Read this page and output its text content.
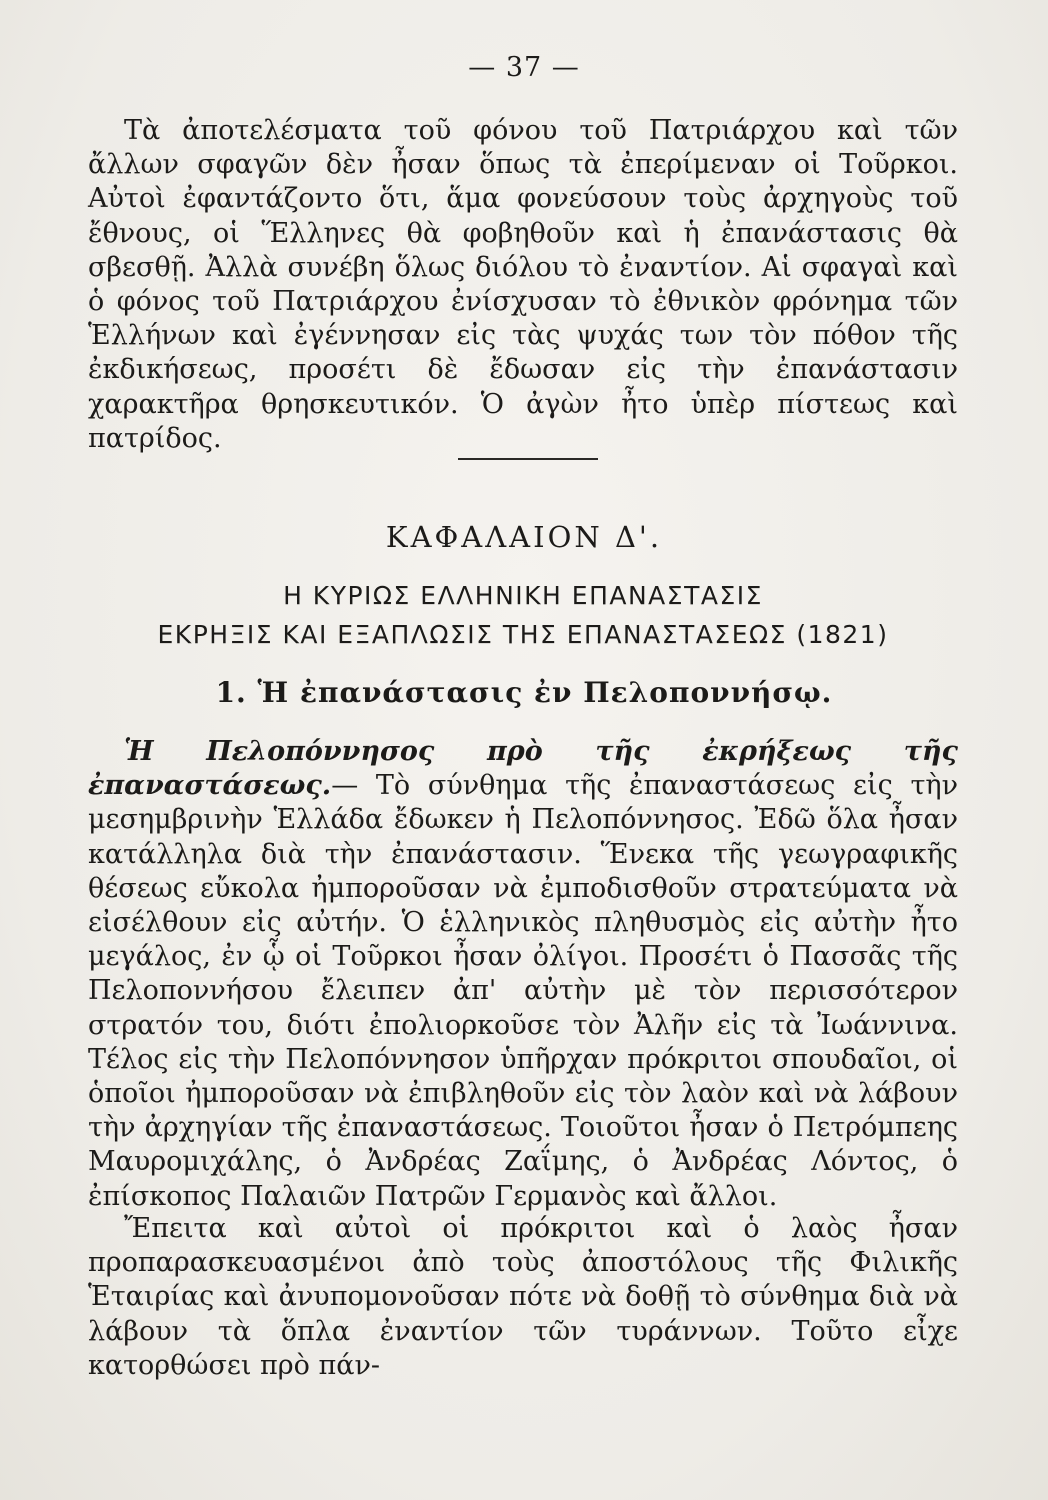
— 37 —

Τὰ ἀποτελέσματα τοῦ φόνου τοῦ Πατριάρχου καὶ τῶν ἄλλων σφαγῶν δὲν ἦσαν ὅπως τὰ ἐπερίμεναν οἱ Τοῦρκοι. Αὐτοὶ ἐφαντάζοντο ὅτι, ἅμα φονεύσουν τοὺς ἀρχηγοὺς τοῦ ἔθνους, οἱ Ἕλληνες θὰ φοβηθοῦν καὶ ἡ ἐπανάστασις θὰ σβεσθῇ. Ἀλλὰ συνέβη ὅλως διόλου τὸ ἐναντίον. Αἱ σφαγαὶ καὶ ὁ φόνος τοῦ Πατριάρχου ἐνίσχυσαν τὸ ἐθνικὸν φρόνημα τῶν Ἑλλήνων καὶ ἐγέννησαν εἰς τὰς ψυχάς των τὸν πόθον τῆς ἐκδικήσεως, προσέτι δὲ ἔδωσαν εἰς τὴν ἐπανάστασιν χαρακτῆρα θρησκευτικόν. Ὁ ἀγὼν ἦτο ὑπὲρ πίστεως καὶ πατρίδος.

ΚΑΦΑΛΑΙΟΝ Δ'.
Η ΚΥΡΙΩΣ ΕΛΛΗΝΙΚΗ ΕΠΑΝΑΣΤΑΣΙΣ
ΕΚΡΗΞΙΣ ΚΑΙ ΕΞΑΠΛΩΣΙΣ ΤΗΣ ΕΠΑΝΑΣΤΑΣΕΩΣ (1821)
1. Ἡ ἐπανάστασις ἐν Πελοποννήσῳ.

Ἡ Πελοπόννησος πρὸ τῆς ἐκρήξεως τῆς ἐπαναστάσεως.— Τὸ σύνθημα τῆς ἐπαναστάσεως εἰς τὴν μεσημβρινὴν Ἑλλάδα ἔδωκεν ἡ Πελοπόννησος. Ἐδῶ ὅλα ἦσαν κατάλληλα διὰ τὴν ἐπανάστασιν. Ἕνεκα τῆς γεωγραφικῆς θέσεως εὔκολα ἠμποροῦσαν νὰ ἐμποδισθοῦν στρατεύματα νὰ εἰσέλθουν εἰς αὐτήν. Ὁ ἑλληνικὸς πληθυσμὸς εἰς αὐτὴν ἦτο μεγάλος, ἐν ᾧ οἱ Τοῦρκοι ἦσαν ὀλίγοι. Προσέτι ὁ Πασσᾶς τῆς Πελοποννήσου ἔλειπεν ἀπ' αὐτὴν μὲ τὸν περισσότερον στρατόν του, διότι ἐπολιορκοῦσε τὸν Ἀλῆν εἰς τὰ Ἰωάννινα. Τέλος εἰς τὴν Πελοπόννησον ὑπῆρχαν πρόκριτοι σπουδαῖοι, οἱ ὁποῖοι ἠμποροῦσαν νὰ ἐπιβληθοῦν εἰς τὸν λαὸν καὶ νὰ λάβουν τὴν ἀρχηγίαν τῆς ἐπαναστάσεως. Τοιοῦτοι ἦσαν ὁ Πετρόμπεης Μαυρομιχάλης, ὁ Ἀνδρέας Ζαΐμης, ὁ Ἀνδρέας Λόντος, ὁ ἐπίσκοπος Παλαιῶν Πατρῶν Γερμανὸς καὶ ἄλλοι.

Ἔπειτα καὶ αὐτοὶ οἱ πρόκριτοι καὶ ὁ λαὸς ἦσαν προπαρασκευασμένοι ἀπὸ τοὺς ἀποστόλους τῆς Φιλικῆς Ἑταιρίας καὶ ἀνυπομονοῦσαν πότε νὰ δοθῇ τὸ σύνθημα διὰ νὰ λάβουν τὰ ὅπλα ἐναντίον τῶν τυράννων. Τοῦτο εἶχε κατορθώσει πρὸ πάν-
